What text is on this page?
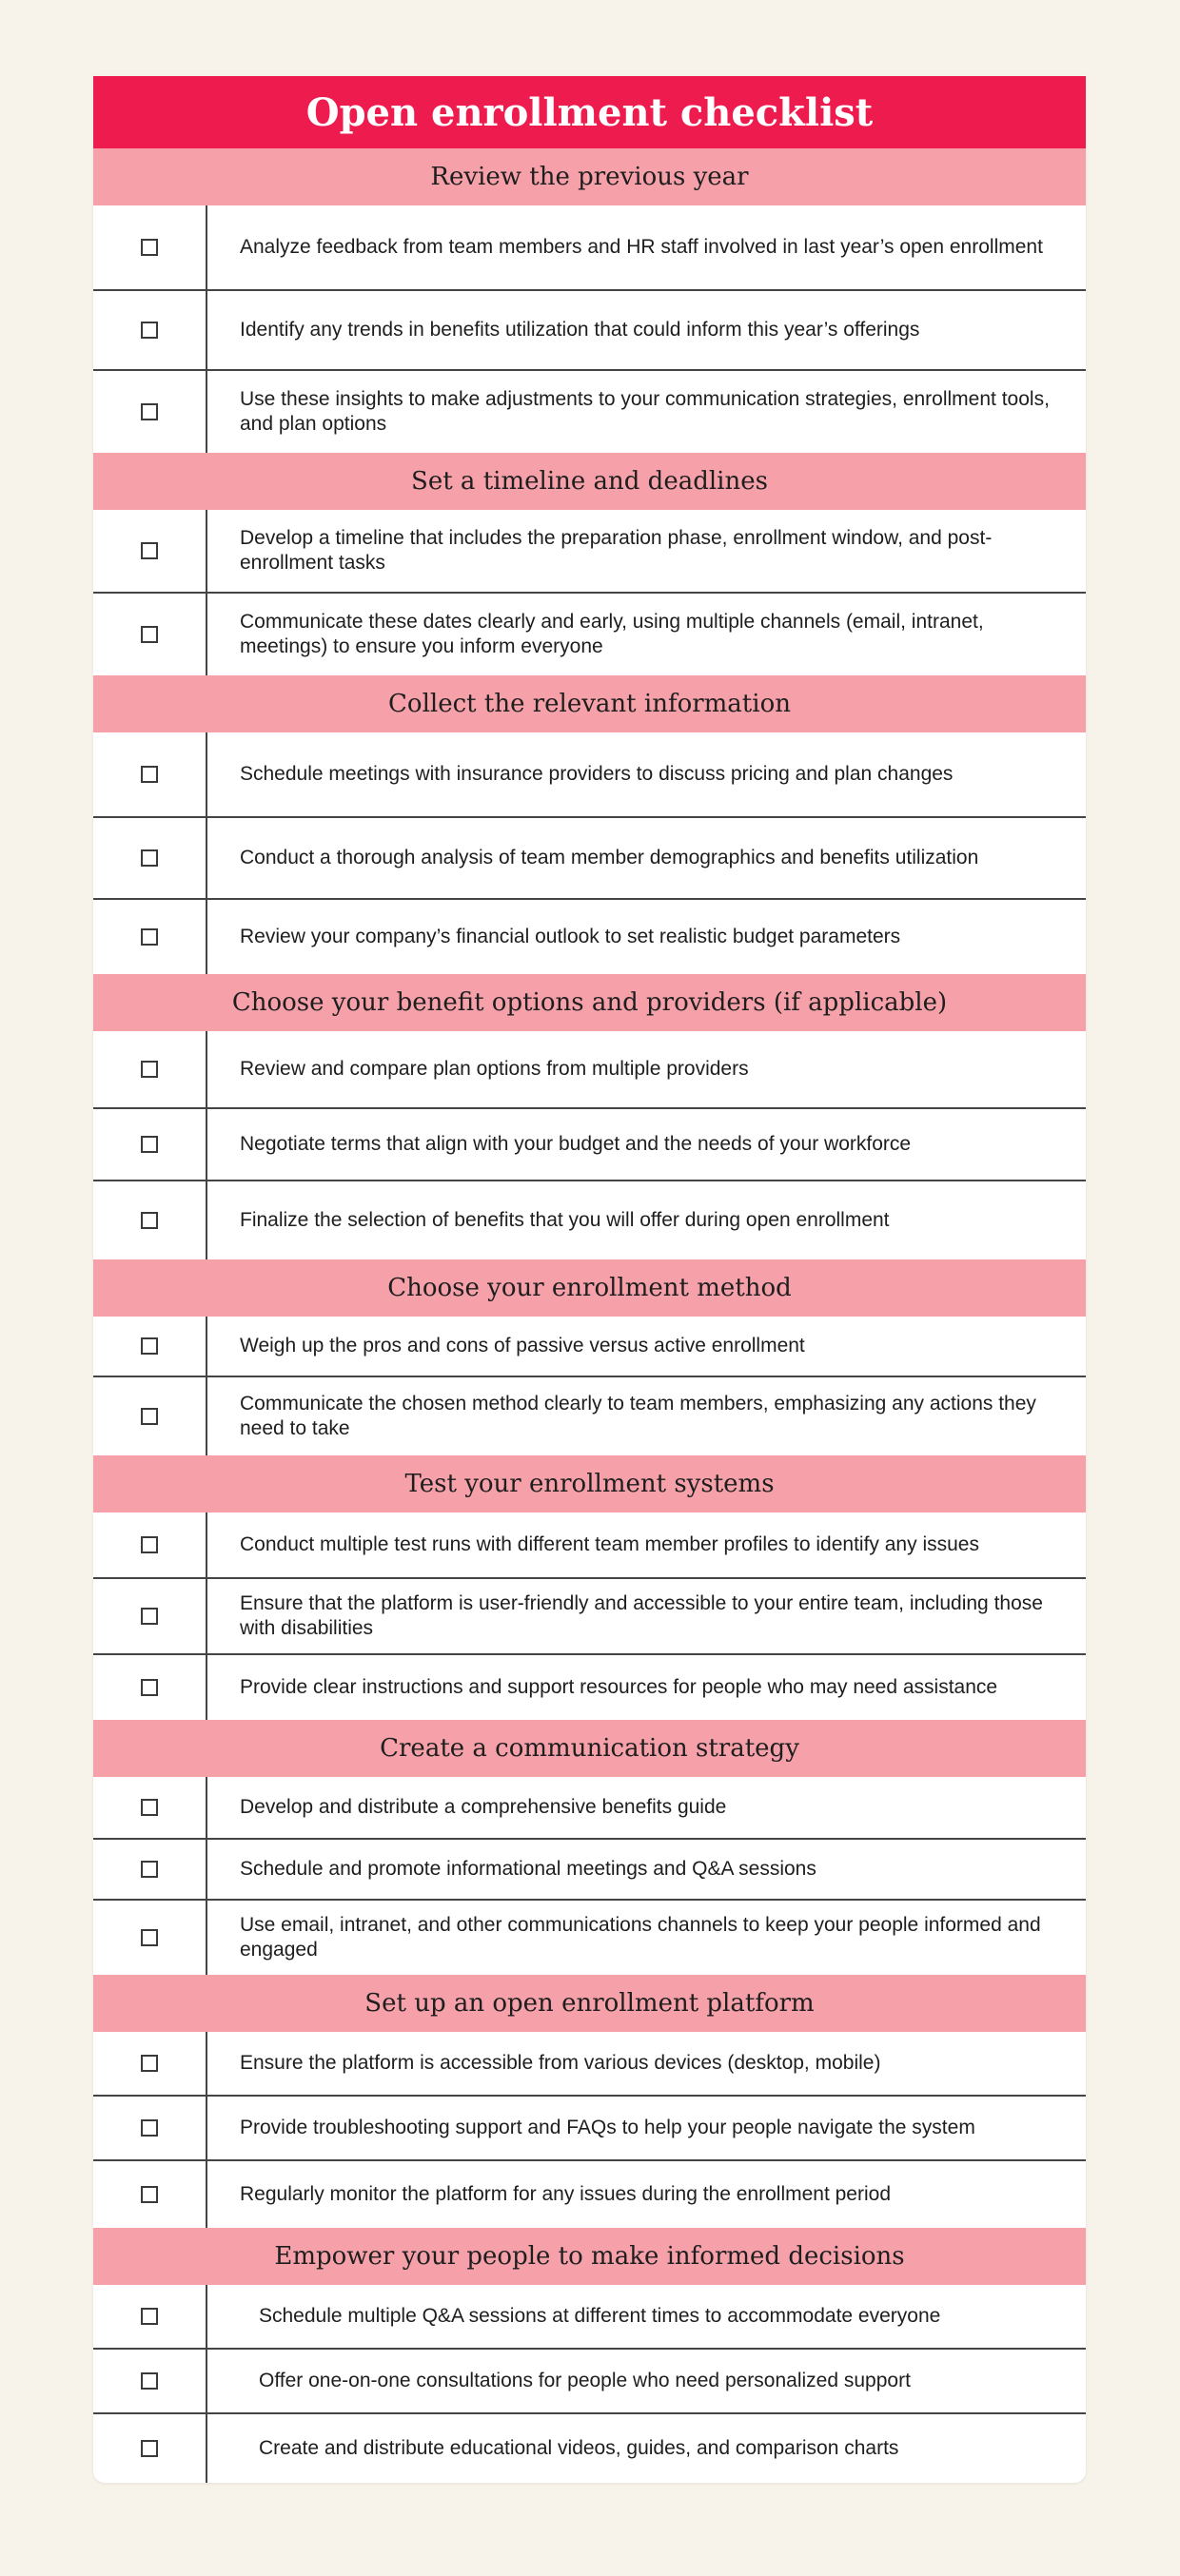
Open enrollment checklist
Review the previous year
Analyze feedback from team members and HR staff involved in last year’s open enrollment
Identify any trends in benefits utilization that could inform this year’s offerings
Use these insights to make adjustments to your communication strategies, enrollment tools, and plan options
Set a timeline and deadlines
Develop a timeline that includes the preparation phase, enrollment window, and post-enrollment tasks
Communicate these dates clearly and early, using multiple channels (email, intranet, meetings) to ensure you inform everyone
Collect the relevant information
Schedule meetings with insurance providers to discuss pricing and plan changes
Conduct a thorough analysis of team member demographics and benefits utilization
Review your company’s financial outlook to set realistic budget parameters
Choose your benefit options and providers (if applicable)
Review and compare plan options from multiple providers
Negotiate terms that align with your budget and the needs of your workforce
Finalize the selection of benefits that you will offer during open enrollment
Choose your enrollment method
Weigh up the pros and cons of passive versus active enrollment
Communicate the chosen method clearly to team members, emphasizing any actions they need to take
Test your enrollment systems
Conduct multiple test runs with different team member profiles to identify any issues
Ensure that the platform is user-friendly and accessible to your entire team, including those with disabilities
Provide clear instructions and support resources for people who may need assistance
Create a communication strategy
Develop and distribute a comprehensive benefits guide
Schedule and promote informational meetings and Q&A sessions
Use email, intranet, and other communications channels to keep your people informed and engaged
Set up an open enrollment platform
Ensure the platform is accessible from various devices (desktop, mobile)
Provide troubleshooting support and FAQs to help your people navigate the system
Regularly monitor the platform for any issues during the enrollment period
Empower your people to make informed decisions
Schedule multiple Q&A sessions at different times to accommodate everyone
Offer one-on-one consultations for people who need personalized support
Create and distribute educational videos, guides, and comparison charts
